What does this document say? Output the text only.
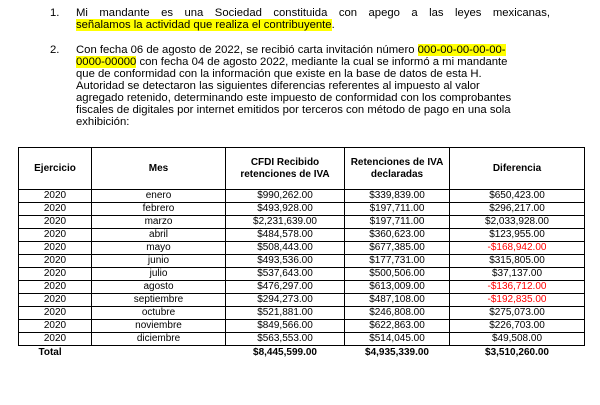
1. Mi mandante es una Sociedad constituida con apego a las leyes mexicanas,
señalamos la actividad que realiza el contribuyente.
2. Con fecha 06 de agosto de 2022, se recibió carta invitación número 000-00-00-00-00-
0000-00000 con fecha 04 de agosto 2022, mediante la cual se informó a mi mandante
que de conformidad con la información que existe en la base de datos de esta H.
Autoridad se detectaron las siguientes diferencias referentes al impuesto al valor
agregado retenido, determinando este impuesto de conformidad con los comprobantes
fiscales de digitales por internet emitidos por terceros con método de pago en una sola
exhibición:
Ejercicio	Mes	CFDI Recibido retenciones de IVA	Retenciones de IVA declaradas	Diferencia
2020	enero	$990,262.00	$339,839.00	$650,423.00
2020	febrero	$493,928.00	$197,711.00	$296,217.00
2020	marzo	$2,231,639.00	$197,711.00	$2,033,928.00
2020	abril	$484,578.00	$360,623.00	$123,955.00
2020	mayo	$508,443.00	$677,385.00	-$168,942.00
2020	junio	$493,536.00	$177,731.00	$315,805.00
2020	julio	$537,643.00	$500,506.00	$37,137.00
2020	agosto	$476,297.00	$613,009.00	-$136,712.00
2020	septiembre	$294,273.00	$487,108.00	-$192,835.00
2020	octubre	$521,881.00	$246,808.00	$275,073.00
2020	noviembre	$849,566.00	$622,863.00	$226,703.00
2020	diciembre	$563,553.00	$514,045.00	$49,508.00
Total		$8,445,599.00	$4,935,339.00	$3,510,260.00
